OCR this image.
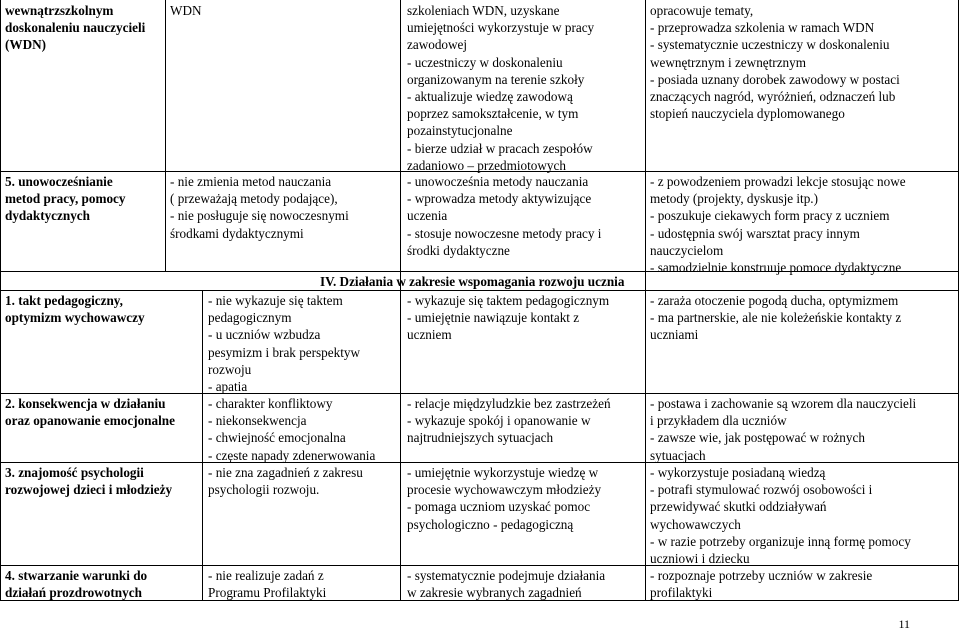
wewnątrzszkolnym
doskonaleniu nauczycieli
(WDN)
WDN	szkoleniach WDN, uzyskane
umiejętności wykorzystuje w pracy
zawodowej
- uczestniczy w doskonaleniu
organizowanym na terenie szkoły
- aktualizuje wiedzę zawodową
poprzez samokształcenie, w tym
pozainstytucjonalne
- bierze udział w pracach zespołów
zadaniowo – przedmiotowych
opracowuje tematy,
- przeprowadza szkolenia w ramach WDN
- systematycznie uczestniczy w doskonaleniu
wewnętrznym i zewnętrznym
- posiada uznany dorobek zawodowy w postaci
znaczących nagród, wyróżnień, odznaczeń lub
stopień nauczyciela dyplomowanego
5. unowocześnianie
metod pracy, pomocy
dydaktycznych
- nie zmienia metod nauczania
( przeważają metody podające),
- nie posługuje się nowoczesnymi
środkami dydaktycznymi
- unowocześnia metody nauczania
- wprowadza metody aktywizujące
uczenia
- stosuje nowoczesne metody pracy i
środki dydaktyczne
- z powodzeniem prowadzi lekcje stosując nowe
metody (projekty, dyskusje itp.)
- poszukuje ciekawych form pracy z uczniem
- udostępnia swój warsztat pracy innym
nauczycielom
- samodzielnie konstruuje pomoce dydaktyczne
IV. Działania w zakresie wspomagania rozwoju ucznia
1. takt pedagogiczny,
optymizm wychowawczy
- nie wykazuje się taktem
pedagogicznym
- u uczniów wzbudza
pesymizm i brak perspektyw
rozwoju
- apatia
- wykazuje się taktem pedagogicznym
- umiejętnie nawiązuje kontakt z
uczniem
- zaraża otoczenie pogodą ducha, optymizmem
- ma partnerskie, ale nie koleżeńskie kontakty z
uczniami
2. konsekwencja w działaniu
oraz opanowanie emocjonalne
- charakter konfliktowy
- niekonsekwencja
- chwiejność emocjonalna
- częste napady zdenerwowania
- relacje międzyludzkie bez zastrzeżeń
- wykazuje spokój i opanowanie w
najtrudniejszych sytuacjach
- postawa i zachowanie są wzorem dla nauczycieli
i przykładem dla uczniów
- zawsze wie, jak postępować w rożnych
sytuacjach
3. znajomość psychologii
rozwojowej dzieci i młodzieży
- nie zna zagadnień z zakresu
psychologii rozwoju.
- umiejętnie wykorzystuje wiedzę w
procesie wychowawczym młodzieży
- pomaga uczniom uzyskać pomoc
psychologiczno - pedagogiczną
- wykorzystuje posiadaną wiedzą
- potrafi stymulować rozwój osobowości i
przewidywać skutki oddziaływań
wychowawczych
- w razie potrzeby organizuje inną formę pomocy
uczniowi i dziecku
4. stwarzanie warunki do
działań prozdrowotnych
- nie realizuje zadań z
Programu Profilaktyki
- systematycznie podejmuje działania
w zakresie wybranych zagadnień
- rozpoznaje potrzeby uczniów w zakresie
profilaktyki
11
